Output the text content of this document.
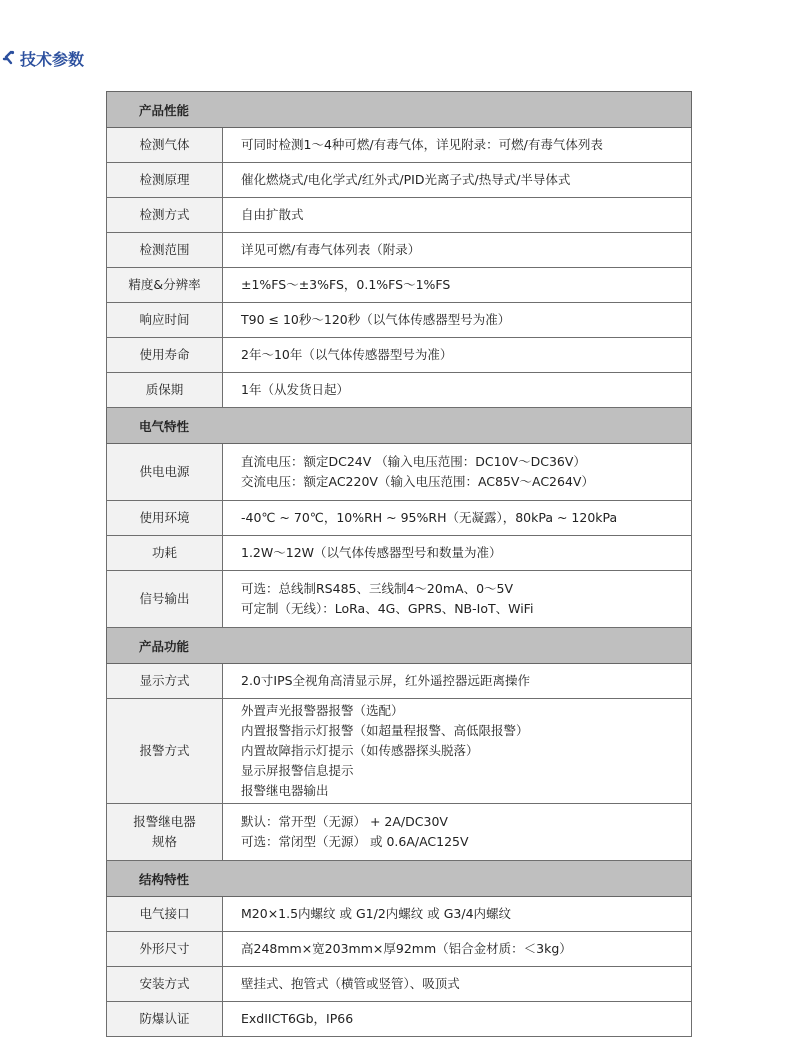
技术参数
产品性能	

检测气体	可同时检测1～4种可燃/有毒气体，详见附录：可燃/有毒气体列表

检测原理	催化燃烧式/电化学式/红外式/PID光离子式/热导式/半导体式

检测方式	自由扩散式

检测范围	详见可燃/有毒气体列表（附录）

精度&分辨率	±1%FS～±3%FS，0.1%FS～1%FS

响应时间	T90 ≤ 10秒～120秒（以气体传感器型号为准）

使用寿命	2年～10年（以气体传感器型号为准）

质保期	1年（从发货日起）

电气特性	

供电电源	直流电压：额定DC24V （输入电压范围：DC10V～DC36V）
交流电压：额定AC220V（输入电压范围：AC85V～AC264V）

使用环境	-40℃ ~ 70℃，10%RH ~ 95%RH（无凝露），80kPa ~ 120kPa

功耗	1.2W～12W（以气体传感器型号和数量为准）

信号输出	可选：总线制RS485、三线制4～20mA、0～5V
可定制（无线）：LoRa、4G、GPRS、NB-IoT、WiFi

产品功能	

显示方式	2.0寸IPS全视角高清显示屏，红外遥控器远距离操作

报警方式	外置声光报警器报警（选配）
内置报警指示灯报警（如超量程报警、高低限报警）
内置故障指示灯提示（如传感器探头脱落）
显示屏报警信息提示
报警继电器输出

报警继电器
规格	默认：常开型（无源） + 2A/DC30V
可选：常闭型（无源） 或 0.6A/AC125V

结构特性	

电气接口	M20×1.5内螺纹 或 G1/2内螺纹 或 G3/4内螺纹

外形尺寸	高248mm×宽203mm×厚92mm（铝合金材质：＜3kg）

安装方式	壁挂式、抱管式（横管或竖管）、吸顶式

防爆认证	ExdIICT6Gb，IP66
